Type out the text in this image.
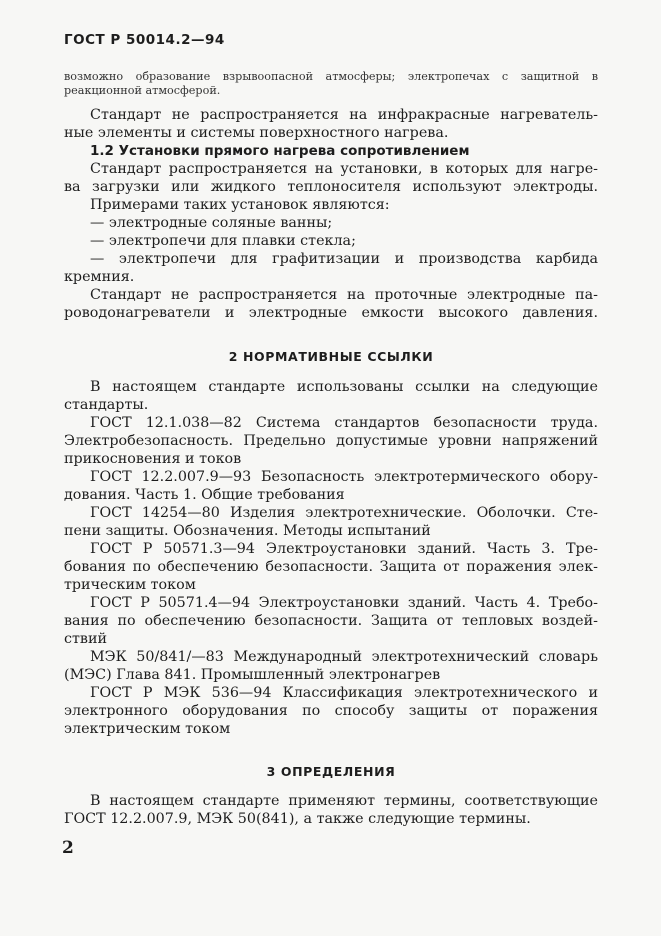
ГОСТ Р 50014.2—94
возможно образование взрывоопасной атмосферы; электропечах с защитной в
реакционной атмосферой.
Стандарт не распространяется на инфракрасные нагреватель-
ные элементы и системы поверхностного нагрева.
1.2 Установки прямого нагрева сопротивлением
Стандарт распространяется на установки, в которых для нагре-
ва загрузки или жидкого теплоносителя используют электроды.
Примерами таких установок являются:
— электродные соляные ванны;
— электропечи для плавки стекла;
— электропечи для графитизации и производства карбида
кремния.
Стандарт не распространяется на проточные электродные па-
роводонагреватели и электродные емкости высокого давления.
2 НОРМАТИВНЫЕ ССЫЛКИ
В настоящем стандарте использованы ссылки на следующие
стандарты.
ГОСТ 12.1.038—82 Система стандартов безопасности труда.
Электробезопасность. Предельно допустимые уровни напряжений
прикосновения и токов
ГОСТ 12.2.007.9—93 Безопасность электротермического обору-
дования. Часть 1. Общие требования
ГОСТ 14254—80 Изделия электротехнические. Оболочки. Сте-
пени защиты. Обозначения. Методы испытаний
ГОСТ Р 50571.3—94 Электроустановки зданий. Часть 3. Тре-
бования по обеспечению безопасности. Защита от поражения элек-
трическим током
ГОСТ Р 50571.4—94 Электроустановки зданий. Часть 4. Требо-
вания по обеспечению безопасности. Защита от тепловых воздей-
ствий
МЭК 50/841/—83 Международный электротехнический словарь
(МЭС) Глава 841. Промышленный электронагрев
ГОСТ Р МЭК 536—94 Классификация электротехнического и
электронного оборудования по способу защиты от поражения
электрическим током
3 ОПРЕДЕЛЕНИЯ
В настоящем стандарте применяют термины, соответствующие
ГОСТ 12.2.007.9, МЭК 50(841), а также следующие термины.
2
